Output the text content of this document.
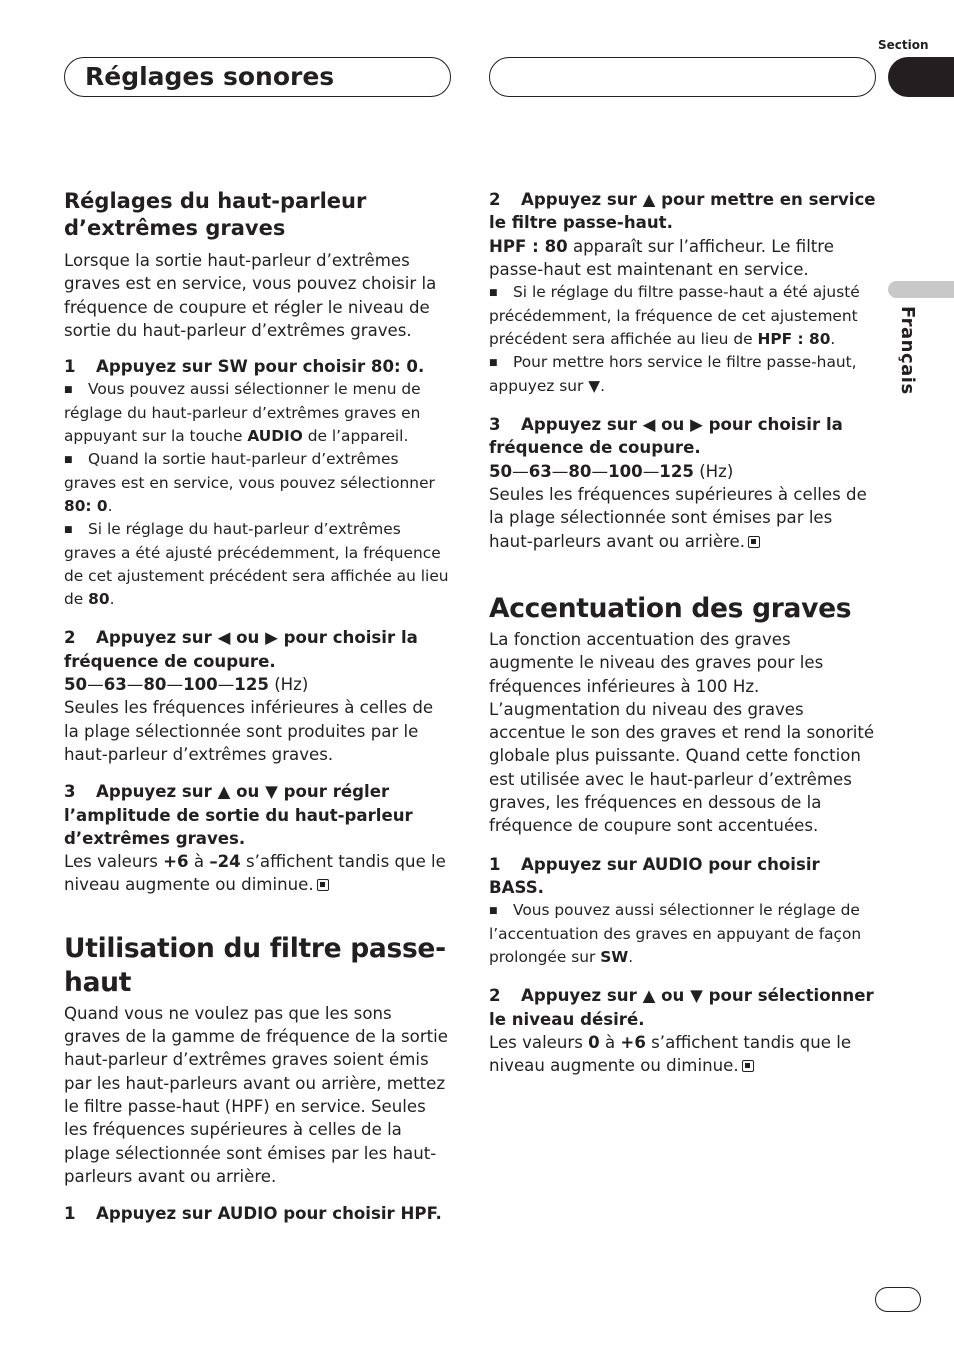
Réglages sonores
Section
Français
Réglages du haut-parleur d’extrêmes graves

Lorsque la sortie haut-parleur d’extrêmes graves est en service, vous pouvez choisir la fréquence de coupure et régler le niveau de sortie du haut-parleur d’extrêmes graves.

1 Appuyez sur SW pour choisir 80: 0.

■ Vous pouvez aussi sélectionner le menu de réglage du haut-parleur d’extrêmes graves en appuyant sur la touche AUDIO de l’appareil.

■ Quand la sortie haut-parleur d’extrêmes graves est en service, vous pouvez sélectionner 80: 0.

■ Si le réglage du haut-parleur d’extrêmes graves a été ajusté précédemment, la fréquence de cet ajustement précédent sera affichée au lieu de 80.

2 Appuyez sur ◀ ou ▶ pour choisir la fréquence de coupure.

50—63—80—100—125 (Hz)

Seules les fréquences inférieures à celles de la plage sélectionnée sont produites par le haut-parleur d’extrêmes graves.

3 Appuyez sur ▲ ou ▼ pour régler l’amplitude de sortie du haut-parleur d’extrêmes graves.

Les valeurs +6 à –24 s’affichent tandis que le niveau augmente ou diminue.

Utilisation du filtre passe-haut

Quand vous ne voulez pas que les sons graves de la gamme de fréquence de la sortie haut-parleur d’extrêmes graves soient émis par les haut-parleurs avant ou arrière, mettez le filtre passe-haut (HPF) en service. Seules les fréquences supérieures à celles de la plage sélectionnée sont émises par les haut-parleurs avant ou arrière.

1 Appuyez sur AUDIO pour choisir HPF.

2 Appuyez sur ▲ pour mettre en service le filtre passe-haut.

HPF : 80 apparaît sur l’afficheur. Le filtre passe-haut est maintenant en service.

■ Si le réglage du filtre passe-haut a été ajusté précédemment, la fréquence de cet ajustement précédent sera affichée au lieu de HPF : 80.

■ Pour mettre hors service le filtre passe-haut, appuyez sur ▼.

3 Appuyez sur ◀ ou ▶ pour choisir la fréquence de coupure.

50—63—80—100—125 (Hz)

Seules les fréquences supérieures à celles de la plage sélectionnée sont émises par les haut-parleurs avant ou arrière.

Accentuation des graves

La fonction accentuation des graves augmente le niveau des graves pour les fréquences inférieures à 100 Hz. L’augmentation du niveau des graves accentue le son des graves et rend la sonorité globale plus puissante. Quand cette fonction est utilisée avec le haut-parleur d’extrêmes graves, les fréquences en dessous de la fréquence de coupure sont accentuées.

1 Appuyez sur AUDIO pour choisir BASS.

■ Vous pouvez aussi sélectionner le réglage de l’accentuation des graves en appuyant de façon prolongée sur SW.

2 Appuyez sur ▲ ou ▼ pour sélectionner le niveau désiré.

Les valeurs 0 à +6 s’affichent tandis que le niveau augmente ou diminue.
